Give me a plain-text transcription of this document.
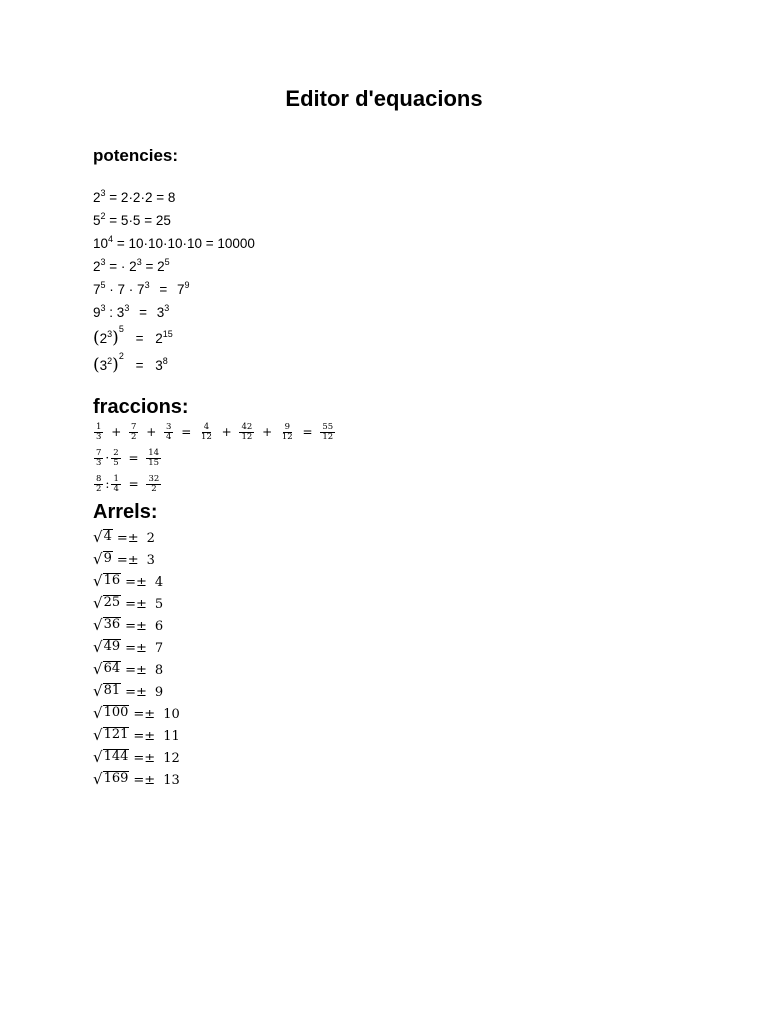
Editor d'equacions
potencies:
$2^3 = 2\cdot 2\cdot 2 = 8$
$5^2 = 5\cdot 5 = 25$
$10^4 = 10\cdot 10\cdot 10\cdot 10 = 10000$
$2^3$ = · $2^3 = 2^5$
$7^5 \cdot 7 \cdot 7^3 = 7^9$
$9^3$ : $3^3 = 3^3$
$(2^3)^5 = 2^{15}$
$(3^2)^2 = 3^8$
fraccions:
$\frac{1}{3} + \frac{7}{2} + \frac{3}{4} = \frac{4}{12} + \frac{42}{12} + \frac{9}{12} = \frac{55}{12}$
$\frac{7}{3} \cdot \frac{2}{5} = \frac{14}{15}$
$\frac{8}{2}$ : $\frac{1}{4} = \frac{32}{2}$
Arrels:
√ 4 =± 2
√ 9 =± 3
√ 16 =± 4
√ 25 =± 5
√ 36 =± 6
√ 49 =± 7
√ 64 =± 8
√ 81 =± 9
√ 100 =± 10
√ 121 =± 11
√ 144 =± 12
√ 169 =± 13
